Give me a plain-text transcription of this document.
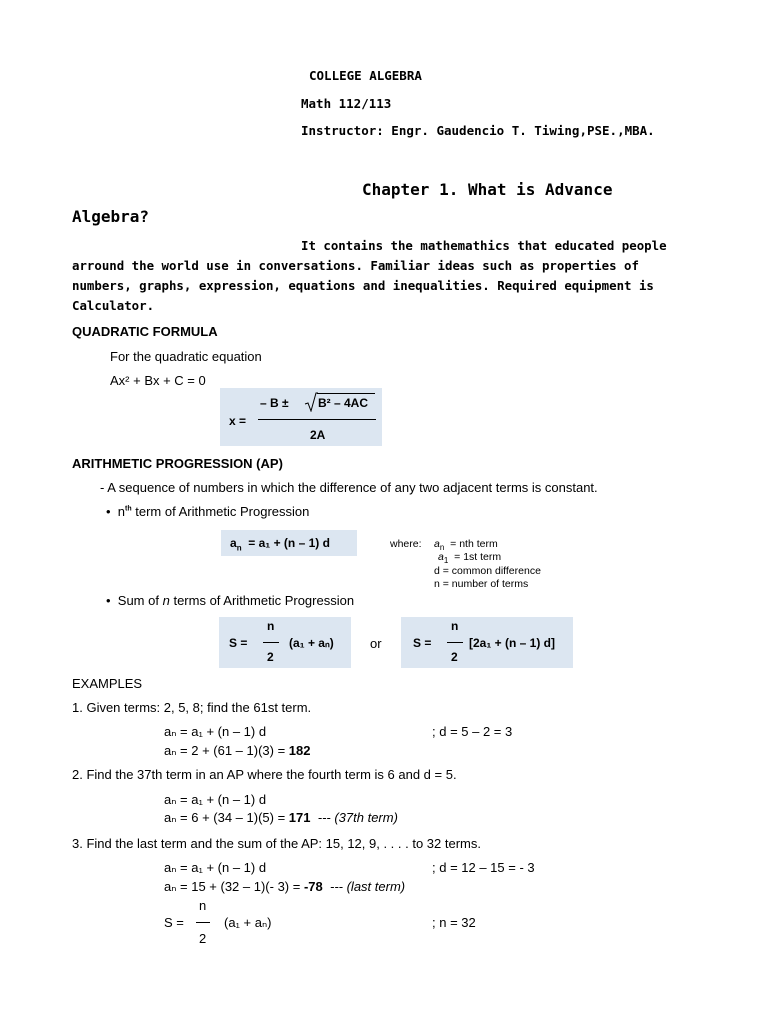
COLLEGE ALGEBRA
Math 112/113
Instructor: Engr. Gaudencio T. Tiwing,PSE.,MBA.
Chapter 1. What is Advance
Algebra?
It contains the mathemathics that educated people
arround the world use in conversations. Familiar ideas such as properties of
numbers, graphs, expression, equations and inequalities. Required equipment is
Calculator.
QUADRATIC FORMULA
For the quadratic equation
Ax² + Bx + C = 0
x =
– B ± B² – 4AC
2A
ARITHMETIC PROGRESSION (AP)
- A sequence of numbers in which the difference of any two adjacent terms is constant.
•  $n^{th}$ term of Arithmetic Progression
$a_n = a_1 + (n - 1)$ d	where: $a_n$ = nth term
$a_1 = 1st$ term
d = common difference
n = number of terms
•  Sum of n terms of Arithmetic Progression
S =
n
2
(a₁ + aₙ)	or	S =
n
2
[2a₁ + (n – 1) d]
EXAMPLES
1. Given terms: 2, 5, 8; find the 61st term.
aₙ = a₁ + (n – 1) d	; d = 5 – 2 = 3
aₙ = 2 + (61 – 1)(3) = 182
2. Find the 37th term in an AP where the fourth term is 6 and d = 5.
aₙ = a₁ + (n – 1) d
aₙ = 6 + (34 – 1)(5) = 171 --- (37th term)
3. Find the last term and the sum of the AP: 15, 12, 9, . . . . to 32 terms.
aₙ = a₁ + (n – 1) d	; d = 12 – 15 = - 3
aₙ = 15 + (32 – 1)(- 3) = -78 --- (last term)
n
S =
2
(a₁ + aₙ)	; n = 32
